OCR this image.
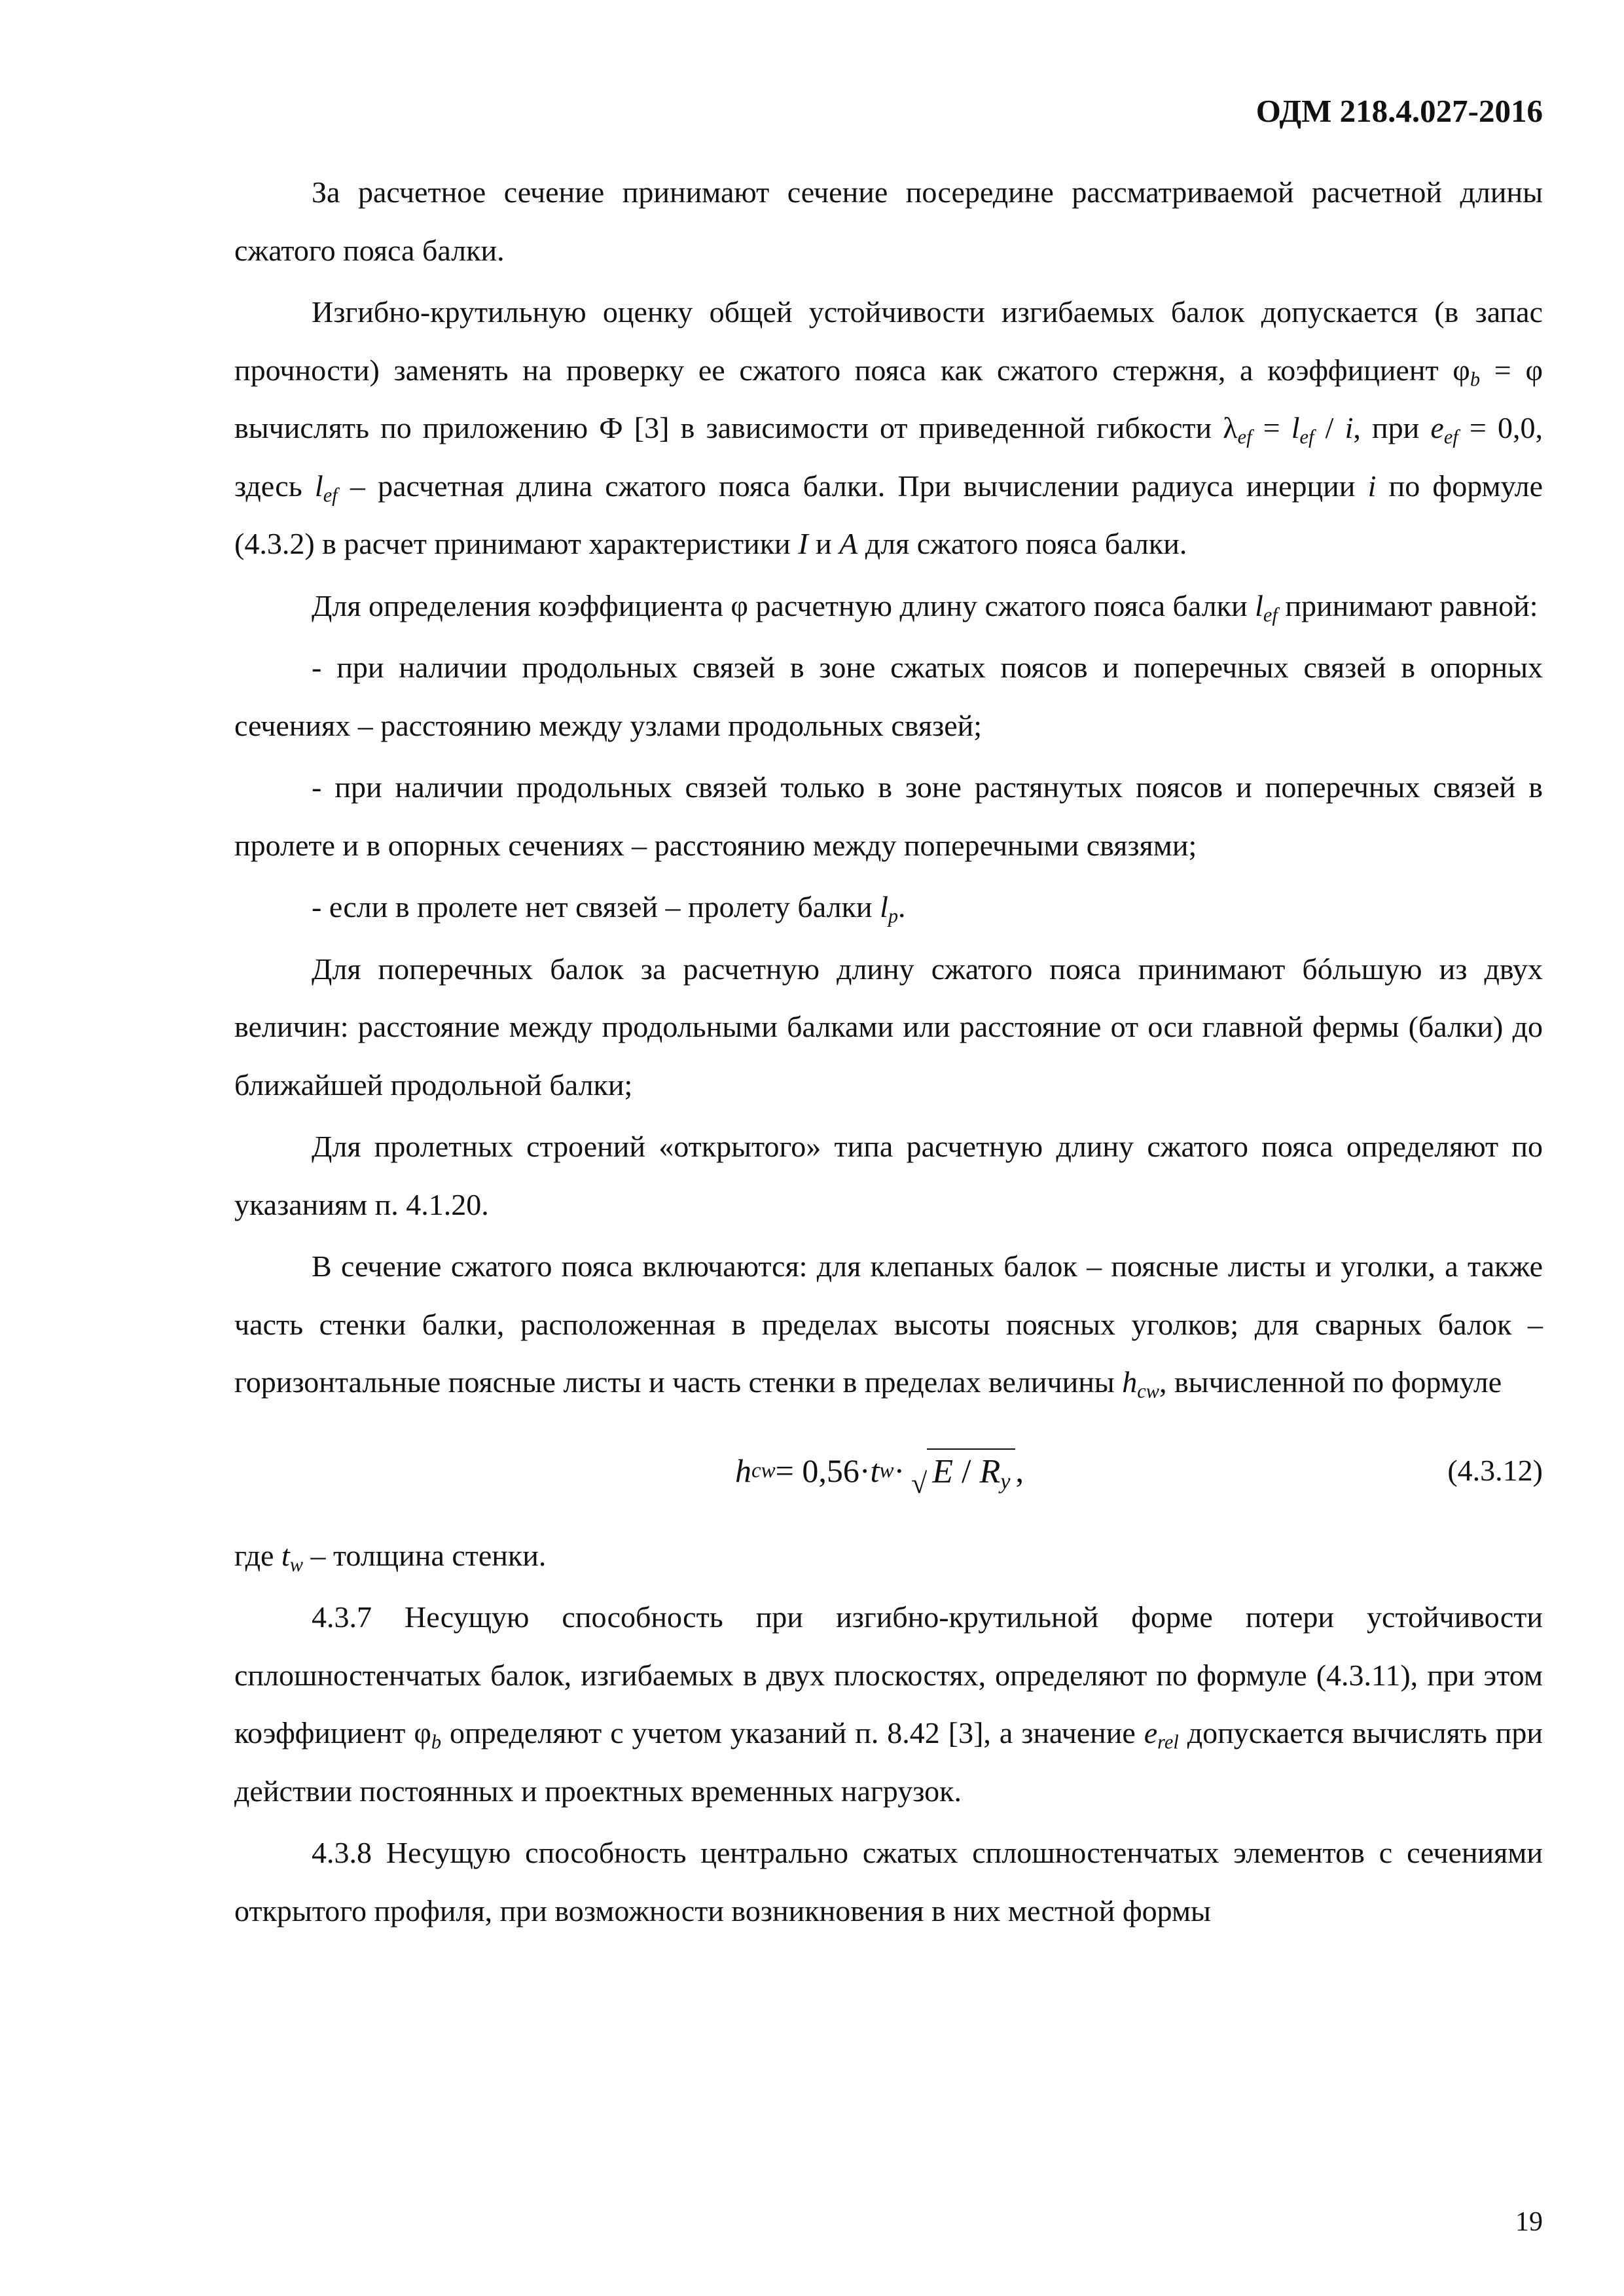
ОДМ 218.4.027-2016

За расчетное сечение принимают сечение посередине рассматриваемой расчетной длины сжатого пояса балки.

Изгибно-крутильную оценку общей устойчивости изгибаемых балок допускается (в запас прочности) заменять на проверку ее сжатого пояса как сжатого стержня, а коэффициент $\varphi_b = \varphi$ вычислять по приложению Ф [3] в зависимости от приведенной гибкости $\lambda_{ef} = l_{ef} / i$, при $e_{ef} = 0,0$, здесь $l_{ef}$ – расчетная длина сжатого пояса балки. При вычислении радиуса инерции i по формуле (4.3.2) в расчет принимают характеристики I и A для сжатого пояса балки.

Для определения коэффициента φ расчетную длину сжатого пояса балки $l_{ef}$ принимают равной:

- при наличии продольных связей в зоне сжатых поясов и поперечных связей в опорных сечениях – расстоянию между узлами продольных связей;

- при наличии продольных связей только в зоне растянутых поясов и поперечных связей в пролете и в опорных сечениях – расстоянию между поперечными связями;

- если в пролете нет связей – пролету балки $l_p$.

Для поперечных балок за расчетную длину сжатого пояса принимают бóльшую из двух величин: расстояние между продольными балками или расстояние от оси главной фермы (балки) до ближайшей продольной балки;

Для пролетных строений «открытого» типа расчетную длину сжатого пояса определяют по указаниям п. 4.1.20.

В сечение сжатого пояса включаются: для клепаных балок – поясные листы и уголки, а также часть стенки балки, расположенная в пределах высоты поясных уголков; для сварных балок – горизонтальные поясные листы и часть стенки в пределах величины $h_{cw}$, вычисленной по формуле

h cw = 0,56· t w · √ E / $R_y$ ,	(4.3.12)

где $t_w$ – толщина стенки.

4.3.7 Несущую способность при изгибно-крутильной форме потери устойчивости сплошностенчатых балок, изгибаемых в двух плоскостях, определяют по формуле (4.3.11), при этом коэффициент $\varphi_b$ определяют с учетом указаний п. 8.42 [3], а значение $e_{rel}$ допускается вычислять при действии постоянных и проектных временных нагрузок.

4.3.8 Несущую способность центрально сжатых сплошностенчатых элементов с сечениями открытого профиля, при возможности возникновения в них местной формы

19
